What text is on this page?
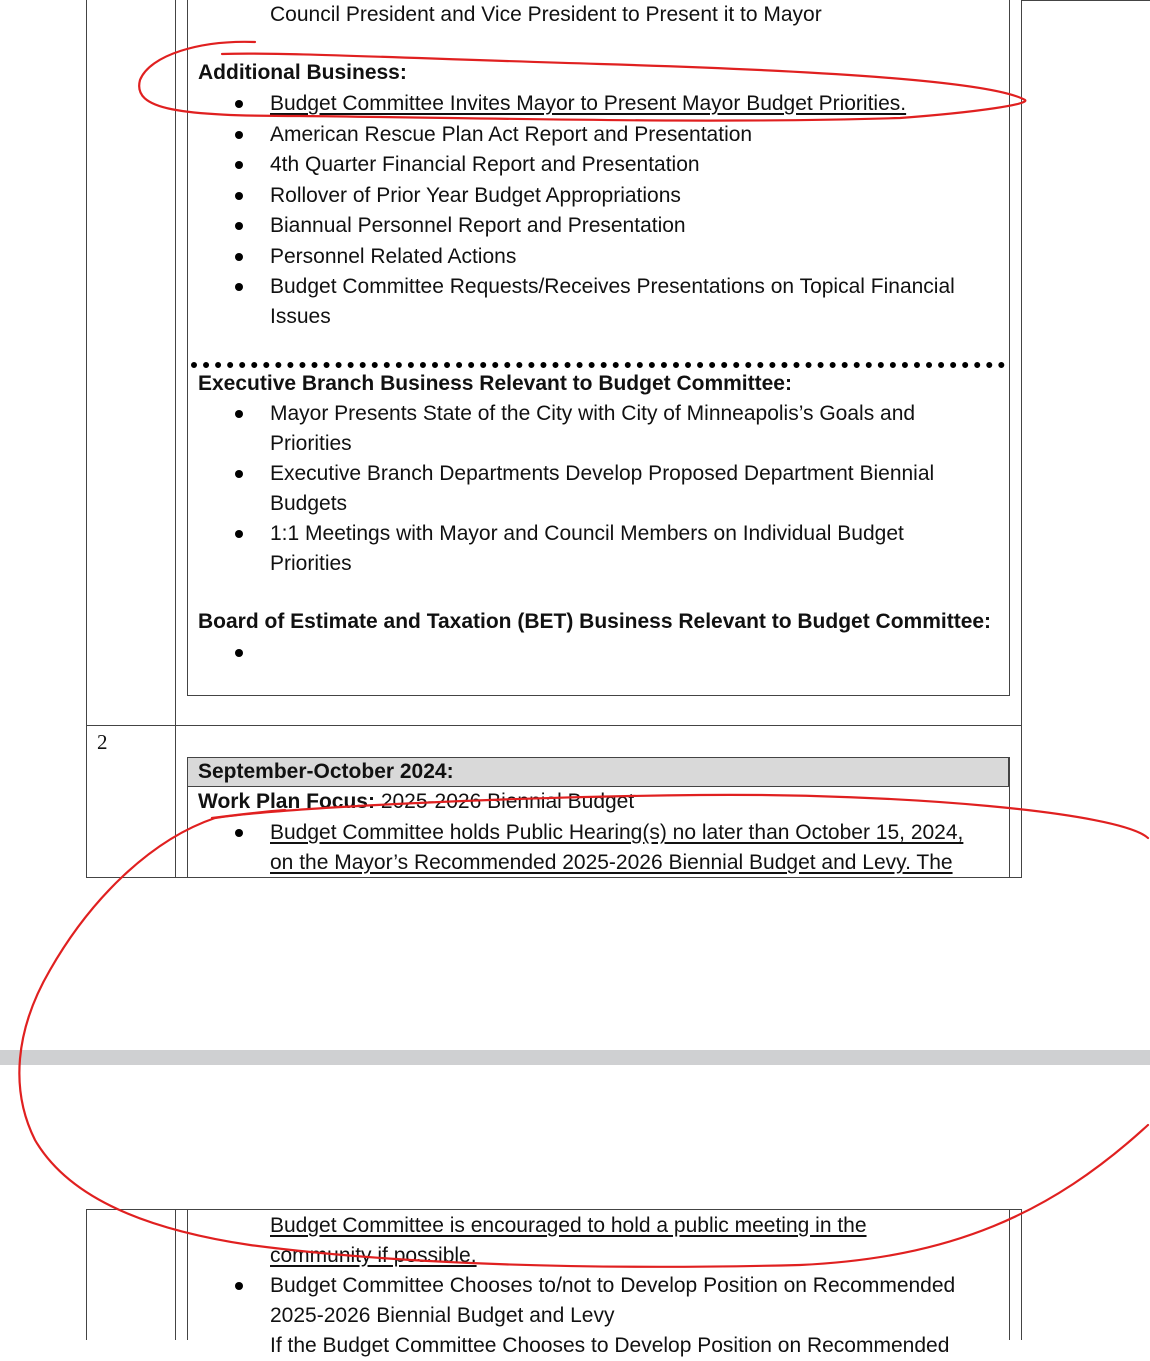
Council President and Vice President to Present it to Mayor
Additional Business:
Budget Committee Invites Mayor to Present Mayor Budget Priorities.
American Rescue Plan Act Report and Presentation
4th Quarter Financial Report and Presentation
Rollover of Prior Year Budget Appropriations
Biannual Personnel Report and Presentation
Personnel Related Actions
Budget Committee Requests/Receives Presentations on Topical Financial
Issues
Executive Branch Business Relevant to Budget Committee:
Mayor Presents State of the City with City of Minneapolis’s Goals and
Priorities
Executive Branch Departments Develop Proposed Department Biennial
Budgets
1:1 Meetings with Mayor and Council Members on Individual Budget
Priorities
Board of Estimate and Taxation (BET) Business Relevant to Budget Committee:
2
September-October 2024:
Work Plan Focus: 2025-2026 Biennial Budget
Budget Committee holds Public Hearing(s) no later than October 15, 2024,
on the Mayor’s Recommended 2025-2026 Biennial Budget and Levy. The
Budget Committee is encouraged to hold a public meeting in the
community if possible.
Budget Committee Chooses to/not to Develop Position on Recommended
2025-2026 Biennial Budget and Levy
If the Budget Committee Chooses to Develop Position on Recommended
